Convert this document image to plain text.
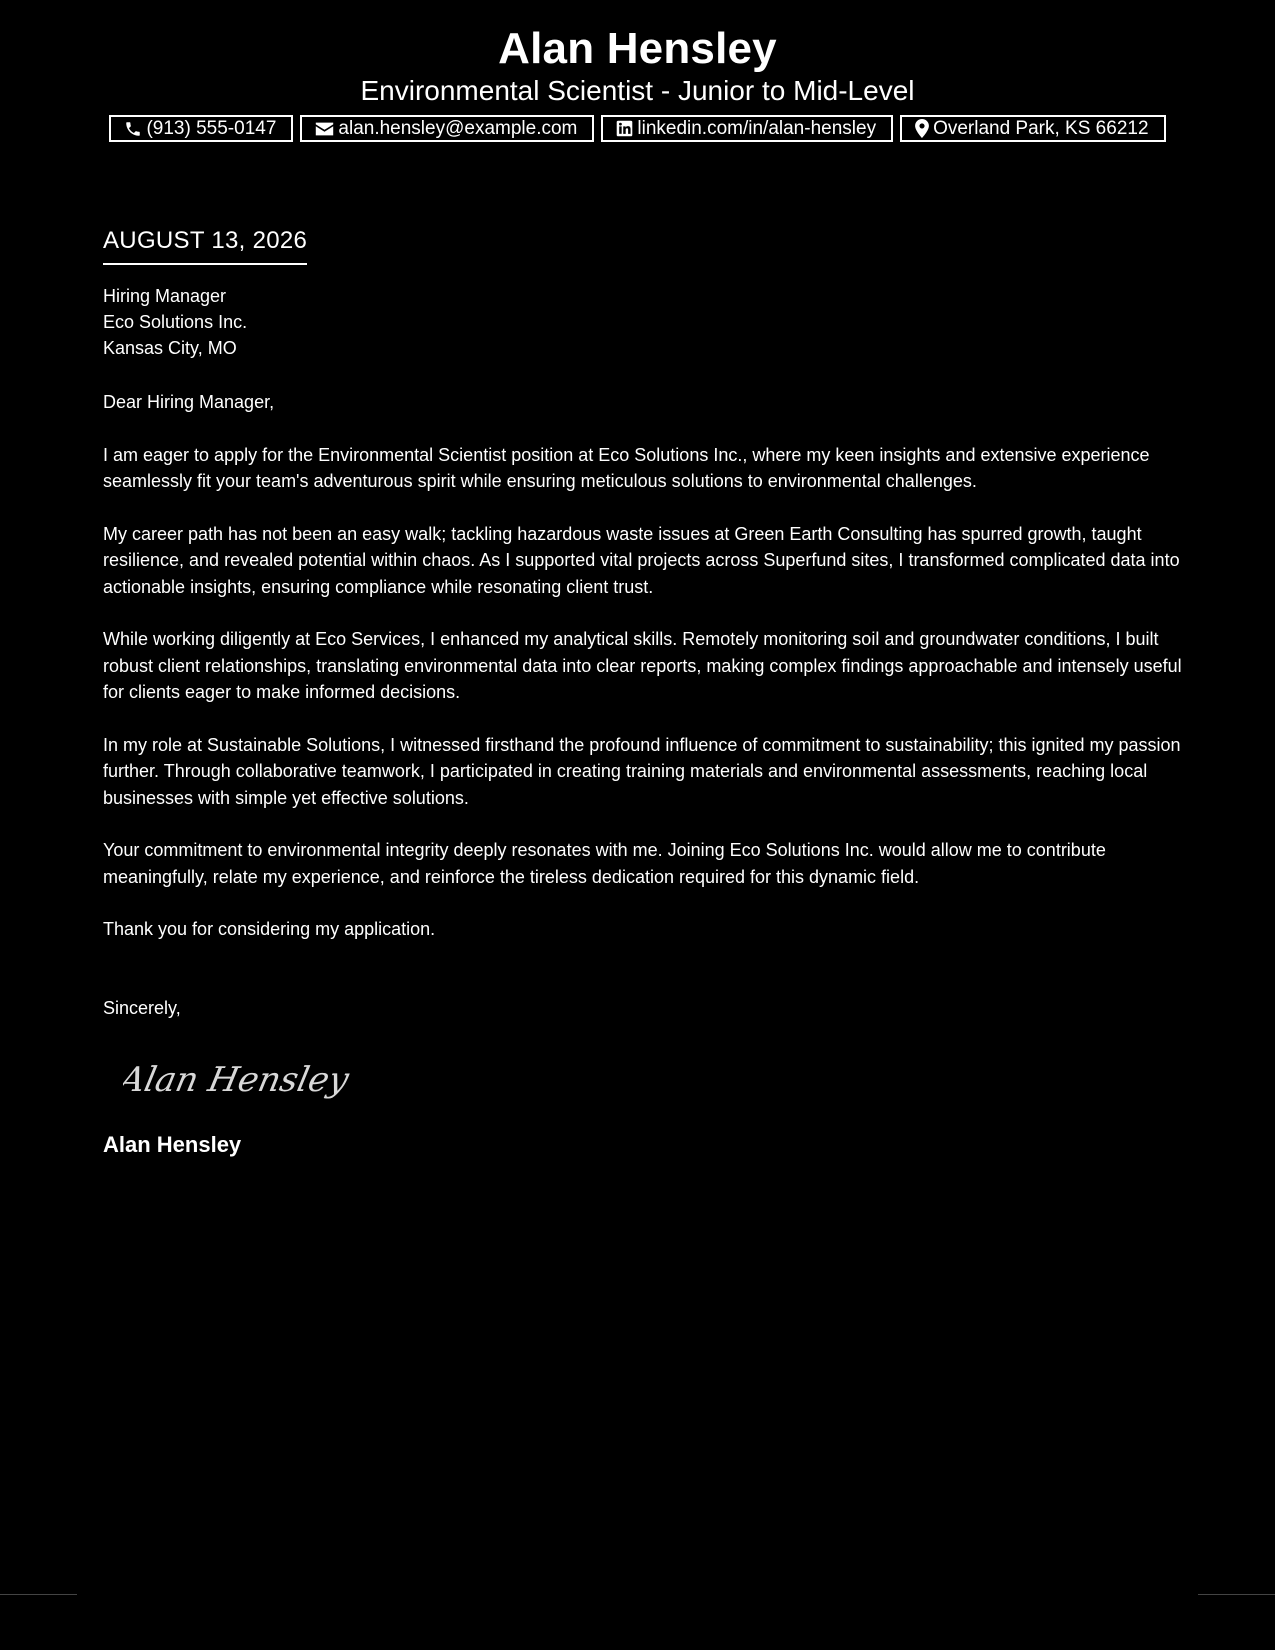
Alan Hensley
Environmental Scientist - Junior to Mid-Level
(913) 555-0147	alan.hensley@example.com	linkedin.com/in/alan-hensley	Overland Park, KS 66212
AUGUST 13, 2026
Hiring Manager
Eco Solutions Inc.
Kansas City, MO
Dear Hiring Manager,
I am eager to apply for the Environmental Scientist position at Eco Solutions Inc., where my keen insights and extensive experience seamlessly fit your team's adventurous spirit while ensuring meticulous solutions to environmental challenges.
My career path has not been an easy walk; tackling hazardous waste issues at Green Earth Consulting has spurred growth, taught resilience, and revealed potential within chaos. As I supported vital projects across Superfund sites, I transformed complicated data into actionable insights, ensuring compliance while resonating client trust.
While working diligently at Eco Services, I enhanced my analytical skills. Remotely monitoring soil and groundwater conditions, I built robust client relationships, translating environmental data into clear reports, making complex findings approachable and intensely useful for clients eager to make informed decisions.
In my role at Sustainable Solutions, I witnessed firsthand the profound influence of commitment to sustainability; this ignited my passion further. Through collaborative teamwork, I participated in creating training materials and environmental assessments, reaching local businesses with simple yet effective solutions.
Your commitment to environmental integrity deeply resonates with me. Joining Eco Solutions Inc. would allow me to contribute meaningfully, relate my experience, and reinforce the tireless dedication required for this dynamic field.
Thank you for considering my application.
Sincerely,
Alan Hensley
Alan Hensley
